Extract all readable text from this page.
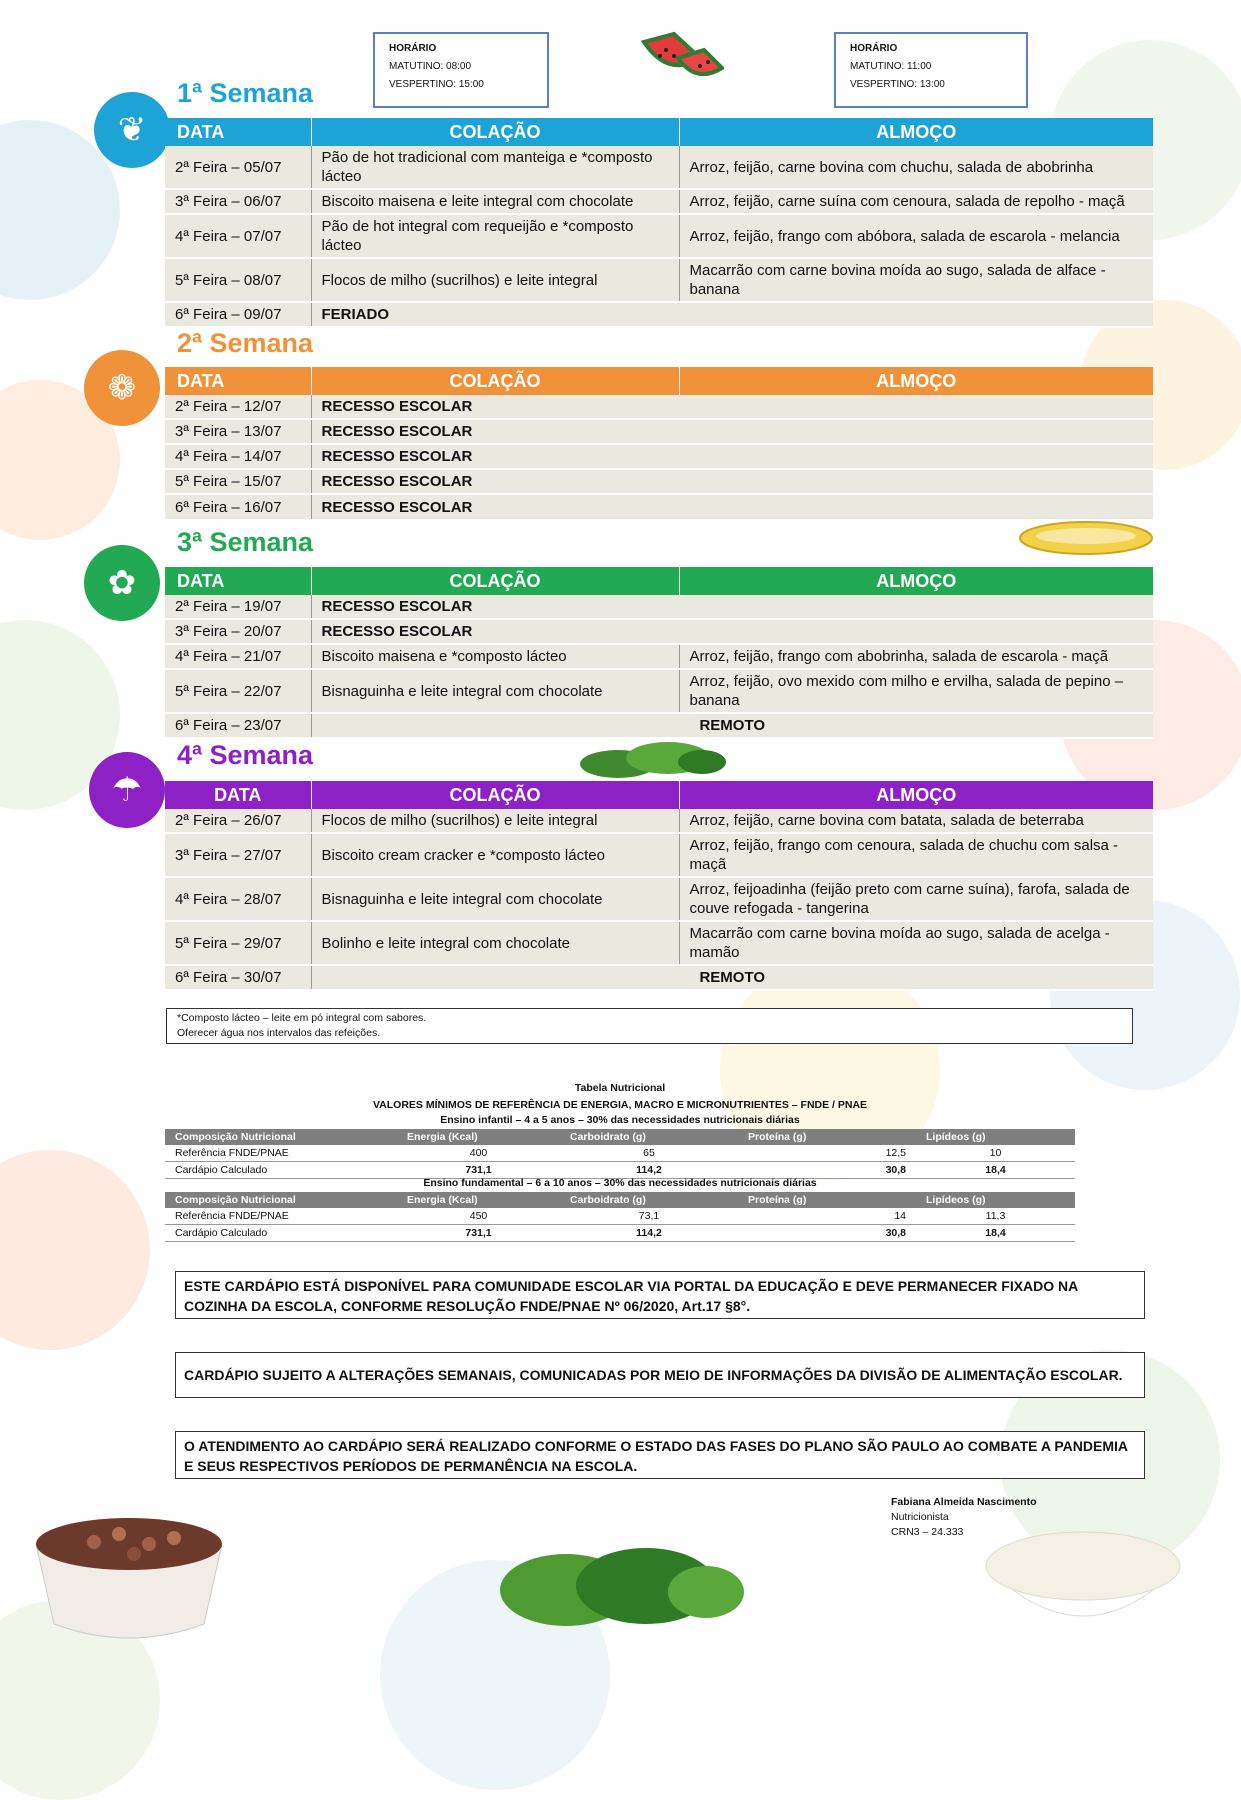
HORÁRIO
MATUTINO: 08:00
VESPERTINO: 15:00
HORÁRIO
MATUTINO: 11:00
VESPERTINO: 13:00
❦
1ª Semana
DATA	COLAÇÃO	ALMOÇO
2ª Feira – 05/07	Pão de hot tradicional com manteiga e *composto lácteo	Arroz, feijão, carne bovina com chuchu, salada de abobrinha
3ª Feira – 06/07	Biscoito maisena e leite integral com chocolate	Arroz, feijão, carne suína com cenoura, salada de repolho - maçã
4ª Feira – 07/07	Pão de hot integral com requeijão e *composto lácteo	Arroz, feijão, frango com abóbora, salada de escarola - melancia
5ª Feira – 08/07	Flocos de milho (sucrilhos) e leite integral	Macarrão com carne bovina moída ao sugo, salada de alface - banana
6ª Feira – 09/07	FERIADO	
❁
2ª Semana
DATA	COLAÇÃO	ALMOÇO
2ª Feira – 12/07	RECESSO ESCOLAR	
3ª Feira – 13/07	RECESSO ESCOLAR	
4ª Feira – 14/07	RECESSO ESCOLAR	
5ª Feira – 15/07	RECESSO ESCOLAR	
6ª Feira – 16/07	RECESSO ESCOLAR	
✿
3ª Semana
DATA	COLAÇÃO	ALMOÇO
2ª Feira – 19/07	RECESSO ESCOLAR	
3ª Feira – 20/07	RECESSO ESCOLAR	
4ª Feira – 21/07	Biscoito maisena e *composto lácteo	Arroz, feijão, frango com abobrinha, salada de escarola - maçã
5ª Feira – 22/07	Bisnaguinha e leite integral com chocolate	Arroz, feijão, ovo mexido com milho e ervilha, salada de pepino – banana
6ª Feira – 23/07	REMOTO	
☂
4ª Semana
DATA	COLAÇÃO	ALMOÇO
2ª Feira – 26/07	Flocos de milho (sucrilhos) e leite integral	Arroz, feijão, carne bovina com batata, salada de beterraba
3ª Feira – 27/07	Biscoito cream cracker e *composto lácteo	Arroz, feijão, frango com cenoura, salada de chuchu com salsa - maçã
4ª Feira – 28/07	Bisnaguinha e leite integral com chocolate	Arroz, feijoadinha (feijão preto com carne suína), farofa, salada de couve refogada - tangerina
5ª Feira – 29/07	Bolinho e leite integral com chocolate	Macarrão com carne bovina moída ao sugo, salada de acelga - mamão
6ª Feira – 30/07	REMOTO	
*Composto lácteo – leite em pó integral com sabores.
Oferecer água nos intervalos das refeições.
Tabela Nutricional
VALORES MÍNIMOS DE REFERÊNCIA DE ENERGIA, MACRO E MICRONUTRIENTES – FNDE / PNAE
Ensino infantil – 4 a 5 anos – 30% das necessidades nutricionais diárias
Composição Nutricional	Energia (Kcal)	Carboidrato (g)	Proteína (g)	Lipídeos (g)
Referência FNDE/PNAE	400	65	12,5	10
Cardápio Calculado	731,1	114,2	30,8	18,4
Ensino fundamental – 6 a 10 anos – 30% das necessidades nutricionais diárias
Composição Nutricional	Energia (Kcal)	Carboidrato (g)	Proteína (g)	Lipídeos (g)
Referência FNDE/PNAE	450	73,1	14	11,3
Cardápio Calculado	731,1	114,2	30,8	18,4
ESTE CARDÁPIO ESTÁ DISPONÍVEL PARA COMUNIDADE ESCOLAR VIA PORTAL DA EDUCAÇÃO E DEVE PERMANECER FIXADO NA COZINHA DA ESCOLA, CONFORME RESOLUÇÃO FNDE/PNAE Nº 06/2020, Art.17 §8°.
CARDÁPIO SUJEITO A ALTERAÇÕES SEMANAIS, COMUNICADAS POR MEIO DE INFORMAÇÕES DA DIVISÃO DE ALIMENTAÇÃO ESCOLAR.
O ATENDIMENTO AO CARDÁPIO SERÁ REALIZADO CONFORME O ESTADO DAS FASES DO PLANO SÃO PAULO AO COMBATE A PANDEMIA E SEUS RESPECTIVOS PERÍODOS DE PERMANÊNCIA NA ESCOLA.
Fabiana Almeida Nascimento
Nutricionista
CRN3 – 24.333
